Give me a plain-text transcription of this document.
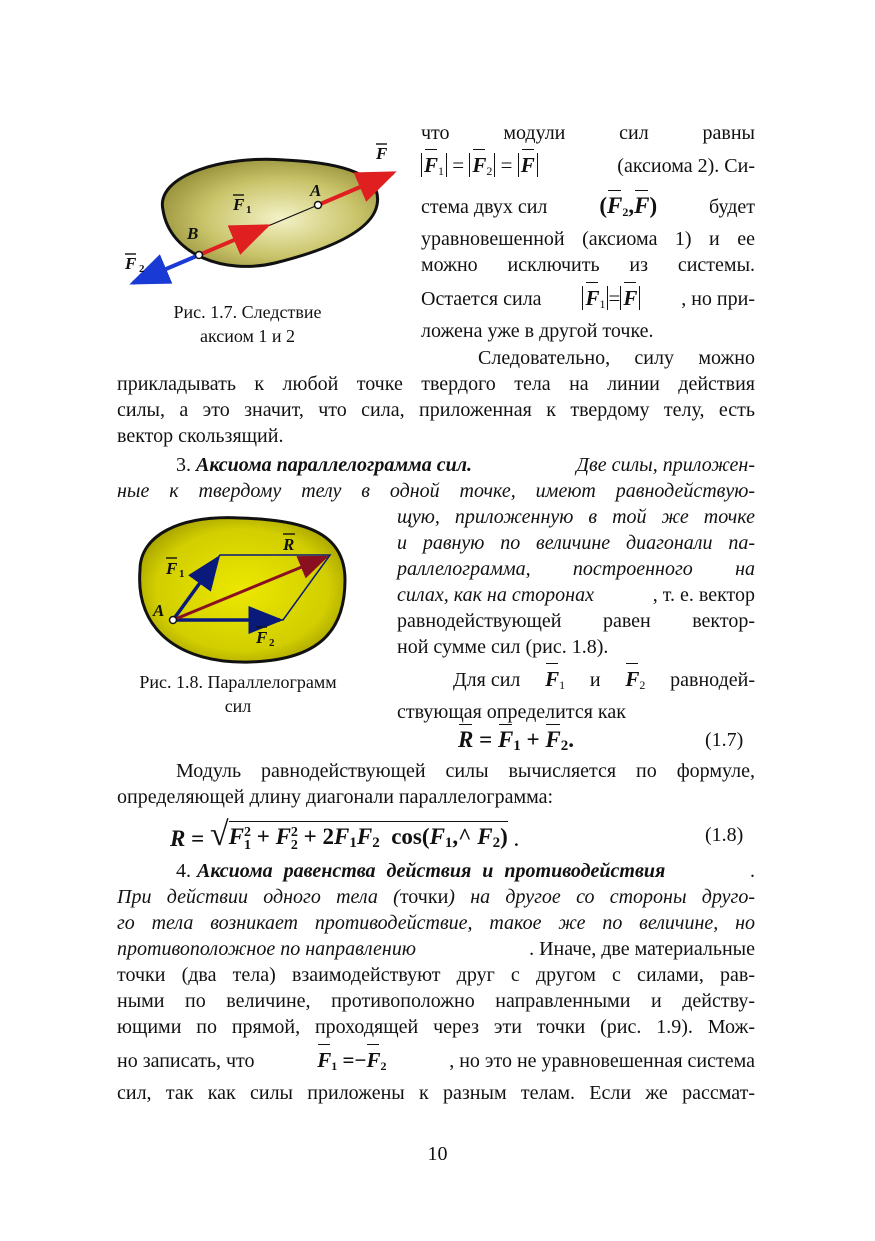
F
F 1
A
B
F 2
Рис. 1.7. Следствие
аксиом 1 и 2
что	модули	сил	равны
$F_1 = F_2 = F$	(аксиома 2). Си-
стема двух сил $(F_2,F)$	будет
уравновешенной (аксиома 1) и ее
можно исключить из системы.
Остается сила $F_1 = F$ , но при-
ложена уже в другой точке.
Следовательно, силу можно
прикладывать к любой точке твердого тела на линии действия
силы, а это значит, что сила, приложенная к твердому телу, есть
вектор скользящий.
3. Аксиома параллелограмма сил.	Две силы, приложен-
ные к твердому телу в одной точке, имеют равнодействую-
R
F 1
A
F 2
Рис. 1.8. Параллелограмм
сил
щую, приложенную в той же точке
и равную по величине диагонали па-
раллелограмма, построенного на
силах, как на сторонах	, т. е. вектор
равнодействующей равен вектор-
ной сумме сил (рис. 1.8).
Для сил $F_1$ и $F_2$ равнодей-
ствующая определится как
$R = F_1 + F_2$.	(1.7)
Модуль равнодействующей силы вычисляется по формуле,
определяющей длину диагонали параллелограмма:
R
=
√ F 2
1 + F 2
$2 + 2F_1F_2$ $\cos(F_1,\^{}$ $F_2$) .	(1.8)
4. Аксиома равенства действия и противодействия	.
При действии одного тела (точки) на другое со стороны друго-
го тела возникает противодействие, такое же по величине, но
противоположное по направлению	. Иначе, две материальные
точки (два тела) взаимодействуют друг с другом с силами, рав-
ными по величине, противоположно направленными и действу-
ющими по прямой, проходящей через эти точки (рис. 1.9). Мож-
но записать, что	$F_1 =-F_2$	, но это не уравновешенная система
сил, так как силы приложены к разным телам. Если же рассмат-
10
